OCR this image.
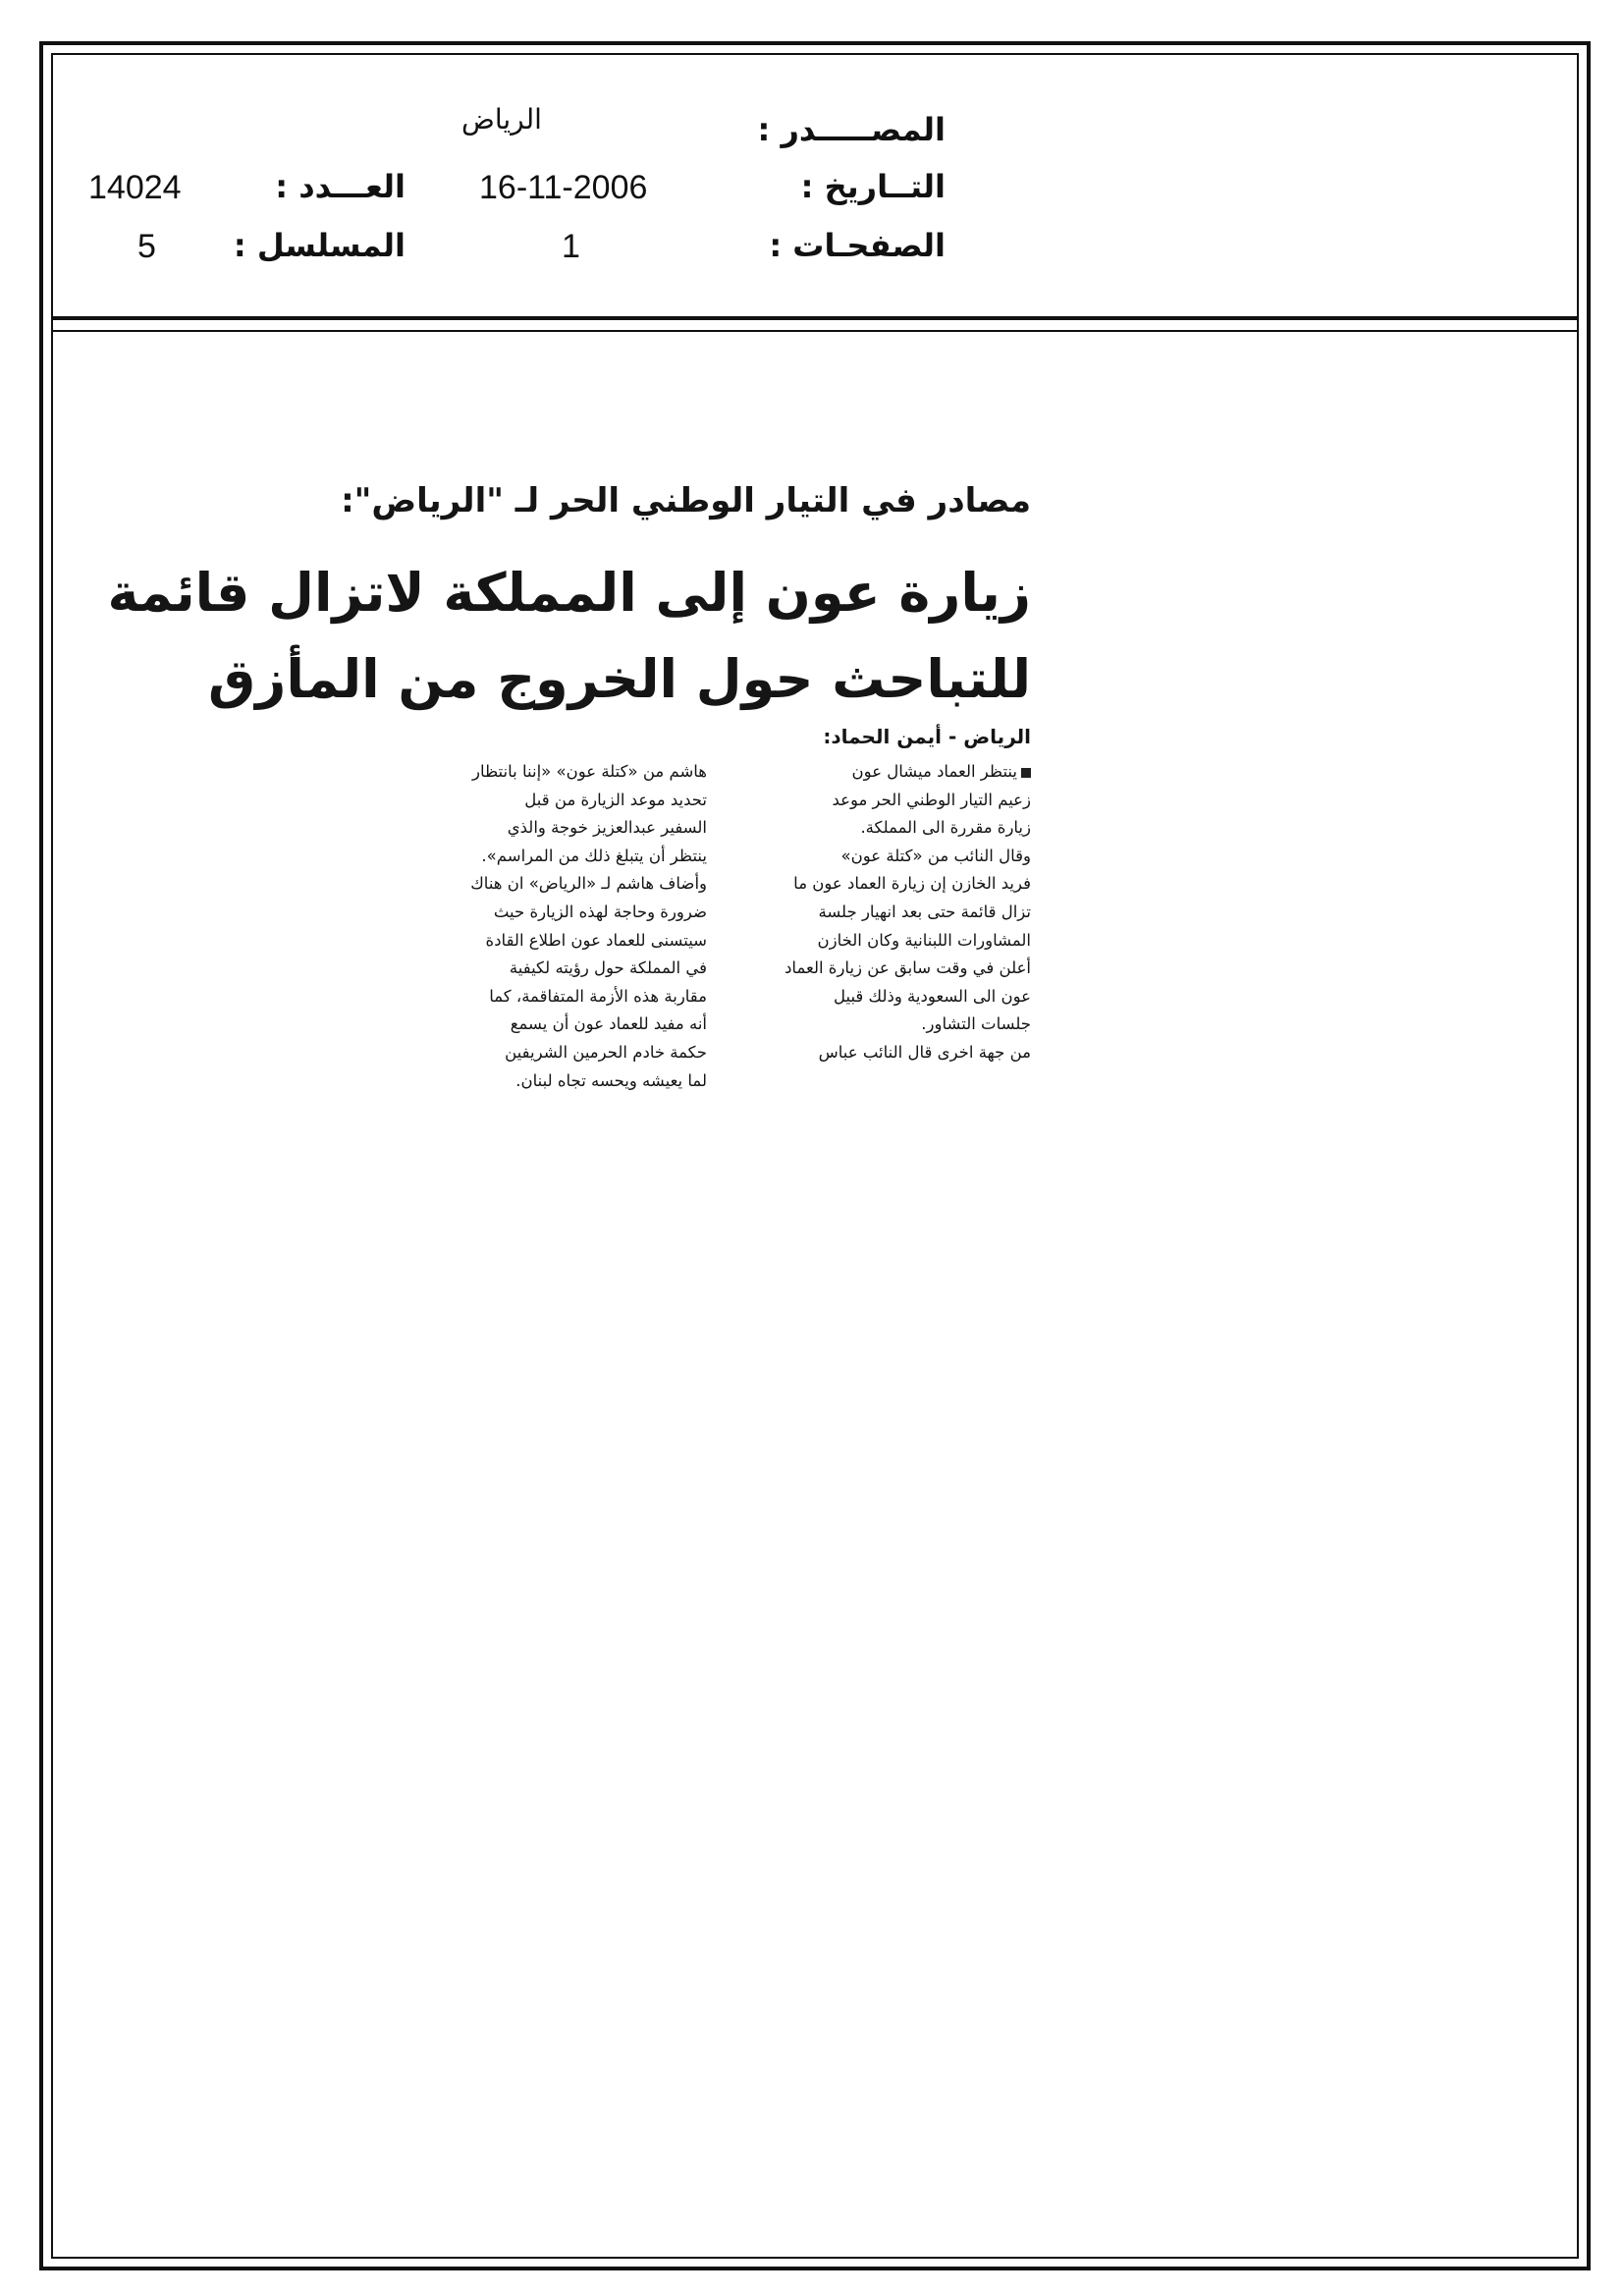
المصـــــدر :
الرياض
التــاريخ :
16-11-2006
العـــدد :
14024
الصفحـات :
1
المسلسل :
5
مصادر في التيار الوطني الحر لـ "الرياض":
زيارة عون إلى المملكة لاتزال قائمة
للتباحث حول الخروج من المأزق
الرياض - أيمن الحماد:
ينتظر العماد ميشال عون
زعيم التيار الوطني الحر موعد
زيارة مقررة الى المملكة.
وقال النائب من «كتلة عون»
فريد الخازن إن زيارة العماد عون ما
تزال قائمة حتى بعد انهيار جلسة
المشاورات اللبنانية وكان الخازن
أعلن في وقت سابق عن زيارة العماد
عون الى السعودية وذلك قبيل
جلسات التشاور.
من جهة اخرى قال النائب عباس
هاشم من «كتلة عون» «إننا بانتظار
تحديد موعد الزيارة من قبل
السفير عبدالعزيز خوجة والذي
ينتظر أن يتبلغ ذلك من المراسم».
وأضاف هاشم لـ «الرياض» ان هناك
ضرورة وحاجة لهذه الزيارة حيث
سيتسنى للعماد عون اطلاع القادة
في المملكة حول رؤيته لكيفية
مقاربة هذه الأزمة المتفاقمة، كما
أنه مفيد للعماد عون أن يسمع
حكمة خادم الحرمين الشريفين
لما يعيشه ويحسه تجاه لبنان.
